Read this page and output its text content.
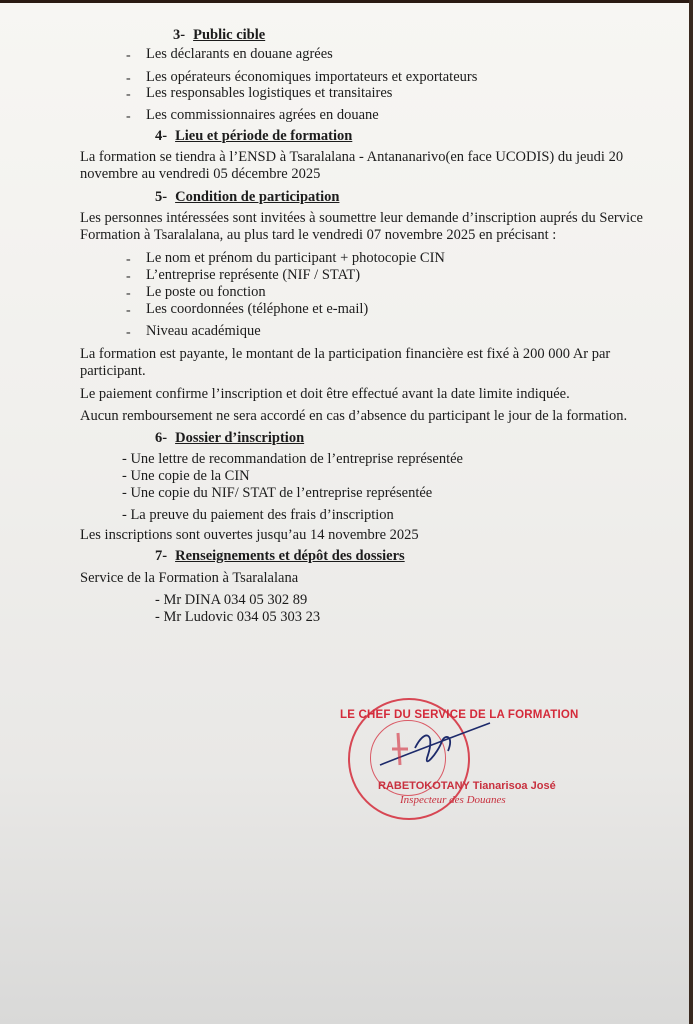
3- Public cible
- Les déclarants en douane agrées
- Les opérateurs économiques importateurs et exportateurs
- Les responsables logistiques et transitaires
- Les commissionnaires agrées en douane
4- Lieu et période de formation
La formation se tiendra à l’ENSD à Tsaralalana - Antananarivo(en face UCODIS) du jeudi 20
novembre au vendredi 05 décembre 2025
5- Condition de participation
Les personnes intéressées sont invitées à soumettre leur demande d’inscription auprés du Service
Formation à Tsaralalana, au plus tard le vendredi 07 novembre 2025 en précisant :
- Le nom et prénom du participant + photocopie CIN
- L’entreprise représente (NIF / STAT)
- Le poste ou fonction
- Les coordonnées (téléphone et e-mail)
- Niveau académique
La formation est payante, le montant de la participation financière est fixé à 200 000 Ar par
participant.
Le paiement confirme l’inscription et doit être effectué avant la date limite indiquée.
Aucun remboursement ne sera accordé en cas d’absence du participant le jour de la formation.
6- Dossier d’inscription
- Une lettre de recommandation de l’entreprise représentée
- Une copie de la CIN
- Une copie du NIF/ STAT de l’entreprise représentée
- La preuve du paiement des frais d’inscription
Les inscriptions sont ouvertes jusqu’au 14 novembre 2025
7- Renseignements et dépôt des dossiers
Service de la Formation à Tsaralalana
- Mr DINA 034 05 302 89
- Mr Ludovic 034 05 303 23
LE CHEF DU SERVICE DE LA FORMATION
RABETOKOTANY Tianarisoa José
Inspecteur des Douanes
